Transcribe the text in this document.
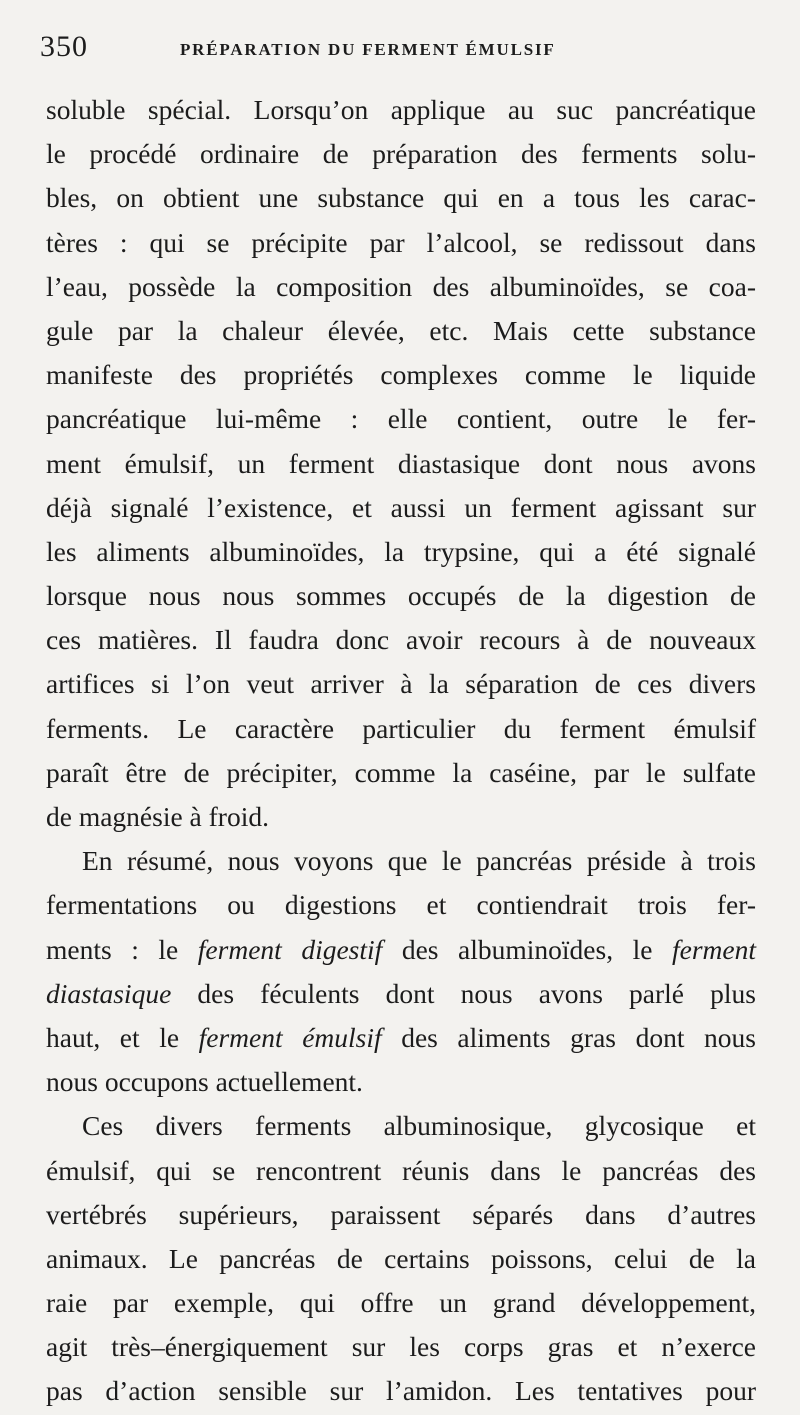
350	PRÉPARATION DU FERMENT ÉMULSIF
soluble spécial. Lorsqu’on applique au suc pancréatique
le procédé ordinaire de préparation des ferments solu-
bles, on obtient une substance qui en a tous les carac-
tères : qui se précipite par l’alcool, se redissout dans
l’eau, possède la composition des albuminoïdes, se coa-
gule par la chaleur élevée, etc. Mais cette substance
manifeste des propriétés complexes comme le liquide
pancréatique lui-même : elle contient, outre le fer-
ment émulsif, un ferment diastasique dont nous avons
déjà signalé l’existence, et aussi un ferment agissant sur
les aliments albuminoïdes, la trypsine, qui a été signalé
lorsque nous nous sommes occupés de la digestion de
ces matières. Il faudra donc avoir recours à de nouveaux
artifices si l’on veut arriver à la séparation de ces divers
ferments. Le caractère particulier du ferment émulsif
paraît être de précipiter, comme la caséine, par le sulfate
de magnésie à froid.
En résumé, nous voyons que le pancréas préside à trois
fermentations ou digestions et contiendrait trois fer-
ments : le ferment digestif des albuminoïdes, le ferment
diastasique des féculents dont nous avons parlé plus
haut, et le ferment émulsif des aliments gras dont nous
nous occupons actuellement.
Ces divers ferments albuminosique, glycosique et
émulsif, qui se rencontrent réunis dans le pancréas des
vertébrés supérieurs, paraissent séparés dans d’autres
animaux. Le pancréas de certains poissons, celui de la
raie par exemple, qui offre un grand développement,
agit très–énergiquement sur les corps gras et n’exerce
pas d’action sensible sur l’amidon. Les tentatives pour
